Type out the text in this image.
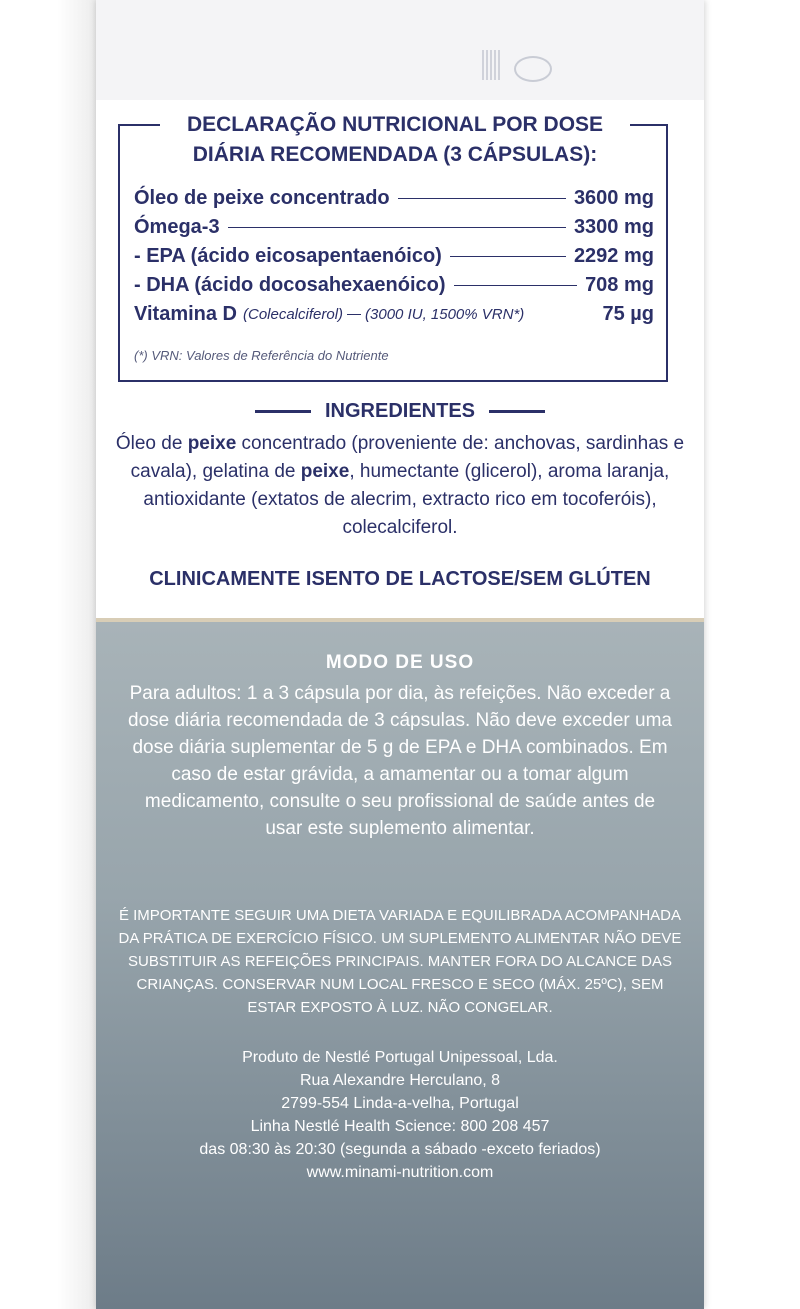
DECLARAÇÃO NUTRICIONAL POR DOSE
DIÁRIA RECOMENDADA (3 CÁPSULAS):
Óleo de peixe concentrado	3600 mg
Ómega-3	3300 mg
- EPA (ácido eicosapentaenóico)	2292 mg
- DHA (ácido docosahexaenóico)	708 mg
Vitamina D (Colecalciferol) (3000 IU, 1500% VRN*)	75 µg
(*) VRN: Valores de Referência do Nutriente
INGREDIENTES
Óleo de peixe concentrado (proveniente de: anchovas, sardinhas e cavala), gelatina de peixe, humectante (glicerol), aroma laranja, antioxidante (extatos de alecrim, extracto rico em tocoferóis), colecalciferol.
CLINICAMENTE ISENTO DE LACTOSE/SEM GLÚTEN
MODO DE USO
Para adultos: 1 a 3 cápsula por dia, às refeições. Não exceder a dose diária recomendada de 3 cápsulas. Não deve exceder uma dose diária suplementar de 5 g de EPA e DHA combinados. Em caso de estar grávida, a amamentar ou a tomar algum medicamento, consulte o seu profissional de saúde antes de usar este suplemento alimentar.
É IMPORTANTE SEGUIR UMA DIETA VARIADA E EQUILIBRADA ACOMPANHADA DA PRÁTICA DE EXERCÍCIO FÍSICO. UM SUPLEMENTO ALIMENTAR NÃO DEVE SUBSTITUIR AS REFEIÇÕES PRINCIPAIS. MANTER FORA DO ALCANCE DAS CRIANÇAS. CONSERVAR NUM LOCAL FRESCO E SECO (MÁX. 25ºC), SEM ESTAR EXPOSTO À LUZ. NÃO CONGELAR.
Produto de Nestlé Portugal Unipessoal, Lda.
Rua Alexandre Herculano, 8
2799-554 Linda-a-velha, Portugal
Linha Nestlé Health Science: 800 208 457
das 08:30 às 20:30 (segunda a sábado -exceto feriados)
www.minami-nutrition.com
